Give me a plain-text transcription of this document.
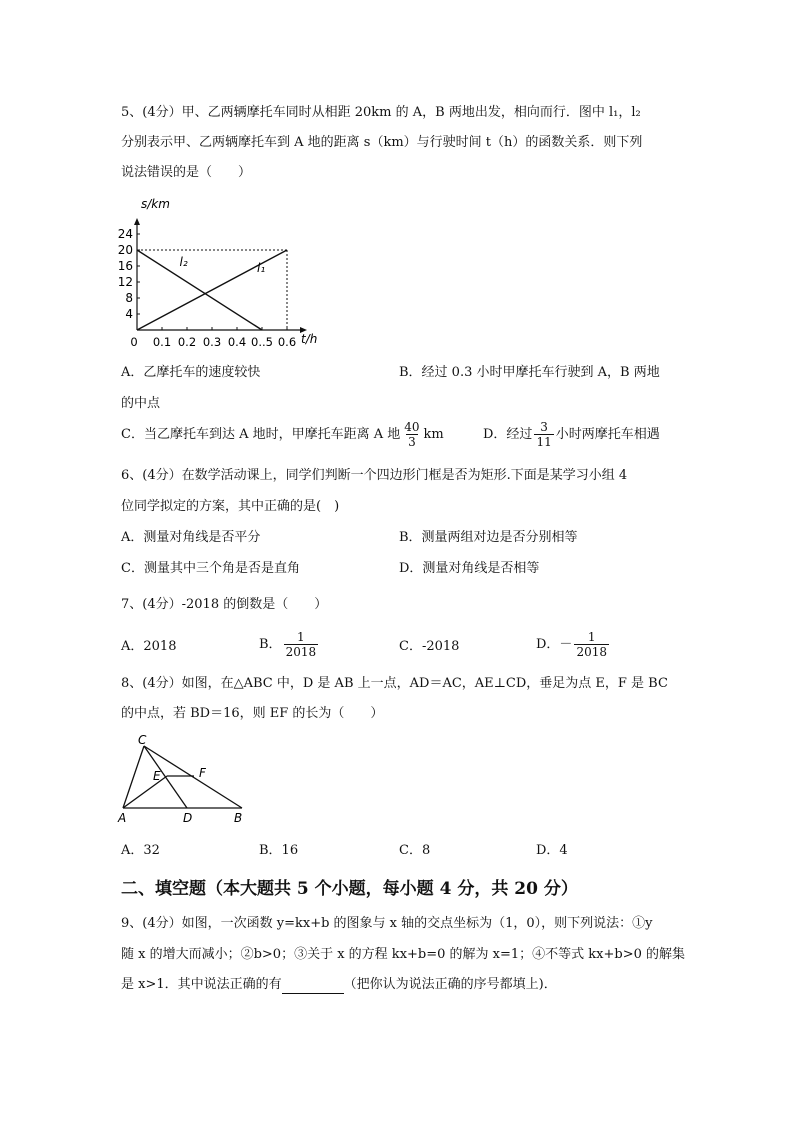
5、(4分）甲、乙两辆摩托车同时从相距 20km 的 A，B 两地出发，相向而行．图中 l₁，l₂
分别表示甲、乙两辆摩托车到 A 地的距离 s（km）与行驶时间 t（h）的函数关系．则下列
说法错误的是（　　）
4
8
12
16
20
24
0 0.1 0.2 0.3 0.4 0..5 0.6
l₁
l₂
s/km
t/h
A．乙摩托车的速度较快	B．经过 0.3 小时甲摩托车行驶到 A，B 两地
的中点
C．当乙摩托车到达 A 地时，甲摩托车距离 A 地 $\frac{40}{3}$ km	D．经过 $\frac{3}{11}$ 小时两摩托车相遇
6、(4分）在数学活动课上，同学们判断一个四边形门框是否为矩形.下面是某学习小组 4
位同学拟定的方案，其中正确的是(　)
A．测量对角线是否平分	B．测量两组对边是否分别相等
C．测量其中三个角是否是直角	D．测量对角线是否相等
7、(4分）-2018 的倒数是（　　）
A．2018	B． $\frac{1}{2018}$	C．-2018	D．－ $\frac{1}{2018}$
8、(4分）如图，在△ABC 中，D 是 AB 上一点，AD＝AC，AE⊥CD，垂足为点 E，F 是 BC
的中点，若 BD＝16，则 EF 的长为（　　）
C
E	F
A	D	B
A．32	B．16	C．8	D．4
二、填空题（本大题共 5 个小题，每小题 4 分，共 20 分）
9、(4分）如图，一次函数 y=kx+b 的图象与 x 轴的交点坐标为（1，0），则下列说法：①y
随 x 的增大而减小；②b>0；③关于 x 的方程 kx+b=0 的解为 x=1；④不等式 kx+b>0 的解集
是 x>1．其中说法正确的有	（把你认为说法正确的序号都填上)．
